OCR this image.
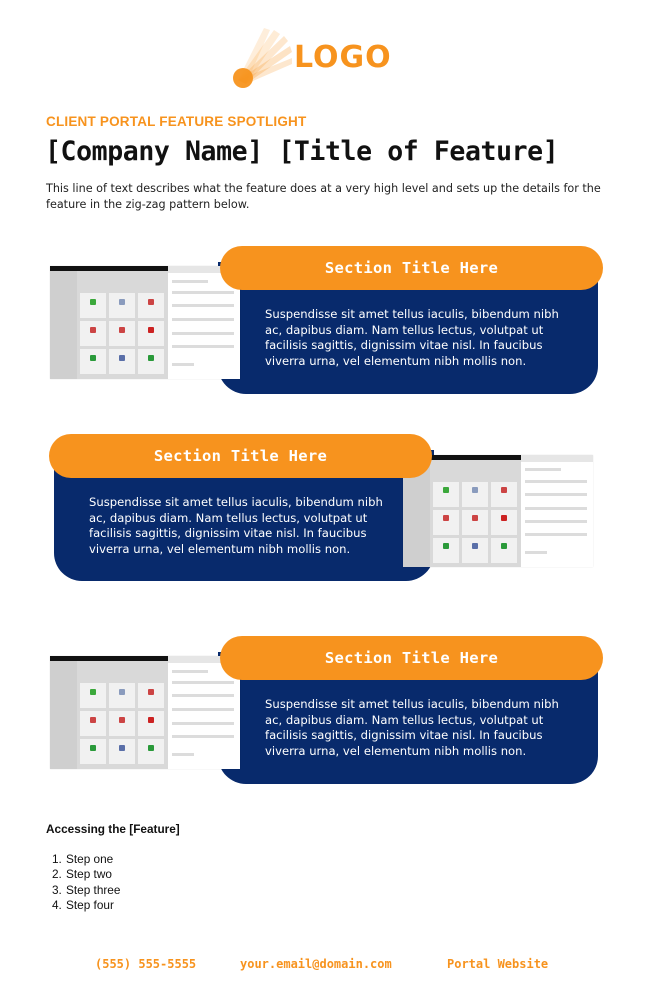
LOGO
CLIENT PORTAL FEATURE SPOTLIGHT
[Company Name] [Title of Feature]

This line of text describes what the feature does at a very high level and sets up the details for the feature in the zig-zag pattern below.

Section Title Here

Suspendisse sit amet tellus iaculis, bibendum nibh ac, dapibus diam. Nam tellus lectus, volutpat ut facilisis sagittis, dignissim vitae nisl. In faucibus viverra urna, vel elementum nibh mollis non.

Section Title Here

Suspendisse sit amet tellus iaculis, bibendum nibh ac, dapibus diam. Nam tellus lectus, volutpat ut facilisis sagittis, dignissim vitae nisl. In faucibus viverra urna, vel elementum nibh mollis non.

Section Title Here

Suspendisse sit amet tellus iaculis, bibendum nibh ac, dapibus diam. Nam tellus lectus, volutpat ut facilisis sagittis, dignissim vitae nisl. In faucibus viverra urna, vel elementum nibh mollis non.

Accessing the [Feature]
1. Step one
2. Step two
3. Step three
4. Step four
(555) 555-5555	your.email@domain.com	Portal Website
